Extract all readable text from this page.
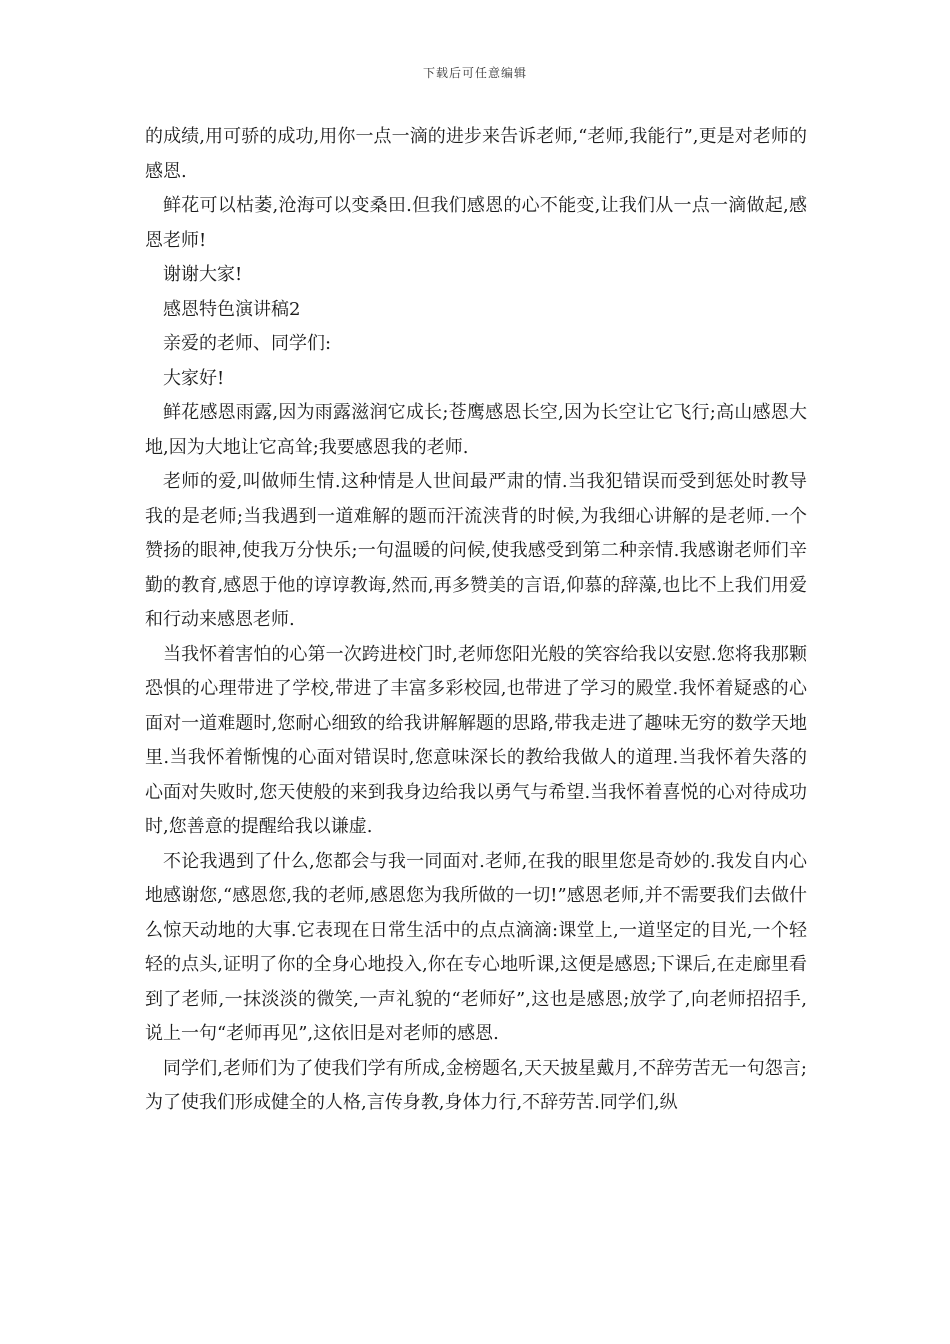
下载后可任意编辑

的成绩,用可骄的成功,用你一点一滴的进步来告诉老师,“老师,我能行”,更是对老师的感恩.

鲜花可以枯萎,沧海可以变桑田.但我们感恩的心不能变,让我们从一点一滴做起,感恩老师!

谢谢大家!

感恩特色演讲稿2

亲爱的老师、同学们:

大家好!

鲜花感恩雨露,因为雨露滋润它成长;苍鹰感恩长空,因为长空让它飞行;高山感恩大地,因为大地让它高耸;我要感恩我的老师.

老师的爱,叫做师生情.这种情是人世间最严肃的情.当我犯错误而受到惩处时教导我的是老师;当我遇到一道难解的题而汗流浃背的时候,为我细心讲解的是老师.一个赞扬的眼神,使我万分快乐;一句温暖的问候,使我感受到第二种亲情.我感谢老师们辛勤的教育,感恩于他的谆谆教诲,然而,再多赞美的言语,仰慕的辞藻,也比不上我们用爱和行动来感恩老师.

当我怀着害怕的心第一次跨进校门时,老师您阳光般的笑容给我以安慰.您将我那颗恐惧的心理带进了学校,带进了丰富多彩校园,也带进了学习的殿堂.我怀着疑惑的心面对一道难题时,您耐心细致的给我讲解解题的思路,带我走进了趣味无穷的数学天地里.当我怀着惭愧的心面对错误时,您意味深长的教给我做人的道理.当我怀着失落的心面对失败时,您天使般的来到我身边给我以勇气与希望.当我怀着喜悦的心对待成功时,您善意的提醒给我以谦虚.

不论我遇到了什么,您都会与我一同面对.老师,在我的眼里您是奇妙的.我发自内心地感谢您,“感恩您,我的老师,感恩您为我所做的一切!”感恩老师,并不需要我们去做什么惊天动地的大事.它表现在日常生活中的点点滴滴:课堂上,一道坚定的目光,一个轻轻的点头,证明了你的全身心地投入,你在专心地听课,这便是感恩;下课后,在走廊里看到了老师,一抹淡淡的微笑,一声礼貌的“老师好”,这也是感恩;放学了,向老师招招手,说上一句“老师再见”,这依旧是对老师的感恩.

同学们,老师们为了使我们学有所成,金榜题名,天天披星戴月,不辞劳苦无一句怨言;为了使我们形成健全的人格,言传身教,身体力行,不辞劳苦.同学们,纵
